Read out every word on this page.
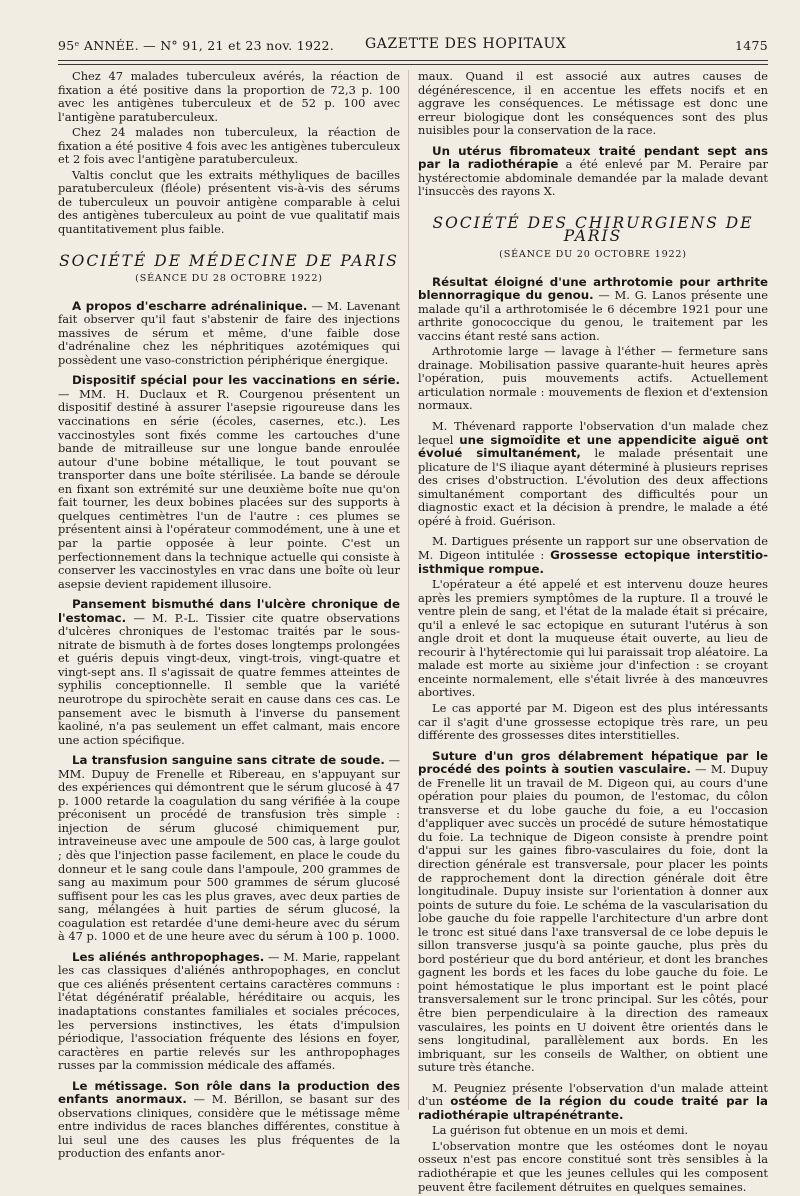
95ᵉ ANNÉE. — N° 91, 21 et 23 nov. 1922. GAZETTE DES HOPITAUX	1475

Chez 47 malades tuberculeux avérés, la réaction de fixation a été positive dans la proportion de 72,3 p. 100 avec les antigènes tuberculeux et de 52 p. 100 avec l'antigène paratuberculeux.

Chez 24 malades non tuberculeux, la réaction de fixation a été positive 4 fois avec les antigènes tuberculeux et 2 fois avec l'antigène paratuberculeux.

Valtis conclut que les extraits méthyliques de bacilles paratuberculeux (fléole) présentent vis-à-vis des sérums de tuberculeux un pouvoir antigène comparable à celui des antigènes tuberculeux au point de vue qualitatif mais quantitativement plus faible.

SOCIÉTÉ DE MÉDECINE DE PARIS
(SÉANCE DU 28 OCTOBRE 1922)

A propos d'escharre adrénalinique. — M. Lavenant fait observer qu'il faut s'abstenir de faire des injections massives de sérum et même, d'une faible dose d'adrénaline chez les néphritiques azotémiques qui possèdent une vaso-constriction périphérique énergique.

Dispositif spécial pour les vaccinations en série. — MM. H. Duclaux et R. Courgenou présentent un dispositif destiné à assurer l'asepsie rigoureuse dans les vaccinations en série (écoles, casernes, etc.). Les vaccinostyles sont fixés comme les cartouches d'une bande de mitrailleuse sur une longue bande enroulée autour d'une bobine métallique, le tout pouvant se transporter dans une boîte stérilisée. La bande se déroule en fixant son extrémité sur une deuxième boîte nue qu'on fait tourner, les deux bobines placées sur des supports à quelques centimètres l'un de l'autre : ces plumes se présentent ainsi à l'opérateur commodément, une à une et par la partie opposée à leur pointe. C'est un perfectionnement dans la technique actuelle qui consiste à conserver les vaccinostyles en vrac dans une boîte où leur asepsie devient rapidement illusoire.

Pansement bismuthé dans l'ulcère chronique de l'estomac. — M. P.-L. Tissier cite quatre observations d'ulcères chroniques de l'estomac traités par le sous-nitrate de bismuth à de fortes doses longtemps prolongées et guéris depuis vingt-deux, vingt-trois, vingt-quatre et vingt-sept ans. Il s'agissait de quatre femmes atteintes de syphilis conceptionnelle. Il semble que la variété neurotrope du spirochète serait en cause dans ces cas. Le pansement avec le bismuth à l'inverse du pansement kaoliné, n'a pas seulement un effet calmant, mais encore une action spécifique.

La transfusion sanguine sans citrate de soude. — MM. Dupuy de Frenelle et Ribereau, en s'appuyant sur des expériences qui démontrent que le sérum glucosé à 47 p. 1000 retarde la coagulation du sang vérifiée à la coupe préconisent un procédé de transfusion très simple : injection de sérum glucosé chimiquement pur, intraveineuse avec une ampoule de 500 cas, à large goulot ; dès que l'injection passe facilement, en place le coude du donneur et le sang coule dans l'ampoule, 200 grammes de sang au maximum pour 500 grammes de sérum glucosé suffisent pour les cas les plus graves, avec deux parties de sang, mélangées à huit parties de sérum glucosé, la coagulation est retardée d'une demi-heure avec du sérum à 47 p. 1000 et de une heure avec du sérum à 100 p. 1000.

Les aliénés anthropophages. — M. Marie, rappelant les cas classiques d'aliénés anthropophages, en conclut que ces aliénés présentent certains caractères communs : l'état dégénératif préalable, héréditaire ou acquis, les inadaptations constantes familiales et sociales précoces, les perversions instinctives, les états d'impulsion périodique, l'association fréquente des lésions en foyer, caractères en partie relevés sur les anthropophages russes par la commission médicale des affamés.

Le métissage. Son rôle dans la production des enfants anormaux. — M. Bérillon, se basant sur des observations cliniques, considère que le métissage même entre individus de races blanches différentes, constitue à lui seul une des causes les plus fréquentes de la production des enfants anor-

maux. Quand il est associé aux autres causes de dégénérescence, il en accentue les effets nocifs et en aggrave les conséquences. Le métissage est donc une erreur biologique dont les conséquences sont des plus nuisibles pour la conservation de la race.

Un utérus fibromateux traité pendant sept ans par la radiothérapie a été enlevé par M. Peraire par hystérectomie abdominale demandée par la malade devant l'insuccès des rayons X.

SOCIÉTÉ DES CHIRURGIENS DE PARIS
(SÉANCE DU 20 OCTOBRE 1922)

Résultat éloigné d'une arthrotomie pour arthrite blennorragique du genou. — M. G. Lanos présente une malade qu'il a arthrotomisée le 6 décembre 1921 pour une arthrite gonococcique du genou, le traitement par les vaccins étant resté sans action.

Arthrotomie large — lavage à l'éther — fermeture sans drainage. Mobilisation passive quarante-huit heures après l'opération, puis mouvements actifs. Actuellement articulation normale : mouvements de flexion et d'extension normaux.

M. Thévenard rapporte l'observation d'un malade chez lequel une sigmoïdite et une appendicite aiguë ont évolué simultanément, le malade présentait une plicature de l'S iliaque ayant déterminé à plusieurs reprises des crises d'obstruction. L'évolution des deux affections simultanément comportant des difficultés pour un diagnostic exact et la décision à prendre, le malade a été opéré à froid. Guérison.

M. Dartigues présente un rapport sur une observation de M. Digeon intitulée : Grossesse ectopique interstitio-isthmique rompue.

L'opérateur a été appelé et est intervenu douze heures après les premiers symptômes de la rupture. Il a trouvé le ventre plein de sang, et l'état de la malade était si précaire, qu'il a enlevé le sac ectopique en suturant l'utérus à son angle droit et dont la muqueuse était ouverte, au lieu de recourir à l'hytérectomie qui lui paraissait trop aléatoire. La malade est morte au sixième jour d'infection : se croyant enceinte normalement, elle s'était livrée à des manœuvres abortives.

Le cas apporté par M. Digeon est des plus intéressants car il s'agit d'une grossesse ectopique très rare, un peu différente des grossesses dites interstitielles.

Suture d'un gros délabrement hépatique par le procédé des points à soutien vasculaire. — M. Dupuy de Frenelle lit un travail de M. Digeon qui, au cours d'une opération pour plaies du poumon, de l'estomac, du côlon transverse et du lobe gauche du foie, a eu l'occasion d'appliquer avec succès un procédé de suture hémostatique du foie. La technique de Digeon consiste à prendre point d'appui sur les gaines fibro-vasculaires du foie, dont la direction générale est transversale, pour placer les points de rapprochement dont la direction générale doit être longitudinale. Dupuy insiste sur l'orientation à donner aux points de suture du foie. Le schéma de la vascularisation du lobe gauche du foie rappelle l'architecture d'un arbre dont le tronc est situé dans l'axe transversal de ce lobe depuis le sillon transverse jusqu'à sa pointe gauche, plus près du bord postérieur que du bord antérieur, et dont les branches gagnent les bords et les faces du lobe gauche du foie. Le point hémostatique le plus important est le point placé transversalement sur le tronc principal. Sur les côtés, pour être bien perpendiculaire à la direction des rameaux vasculaires, les points en U doivent être orientés dans le sens longitudinal, parallèlement aux bords. En les imbriquant, sur les conseils de Walther, on obtient une suture très étanche.

M. Peugniez présente l'observation d'un malade atteint d'un ostéome de la région du coude traité par la radiothérapie ultrapénétrante.

La guérison fut obtenue en un mois et demi.

L'observation montre que les ostéomes dont le noyau osseux n'est pas encore constitué sont très sensibles à la radiothérapie et que les jeunes cellules qui les composent peuvent être facilement détruites en quelques semaines.
